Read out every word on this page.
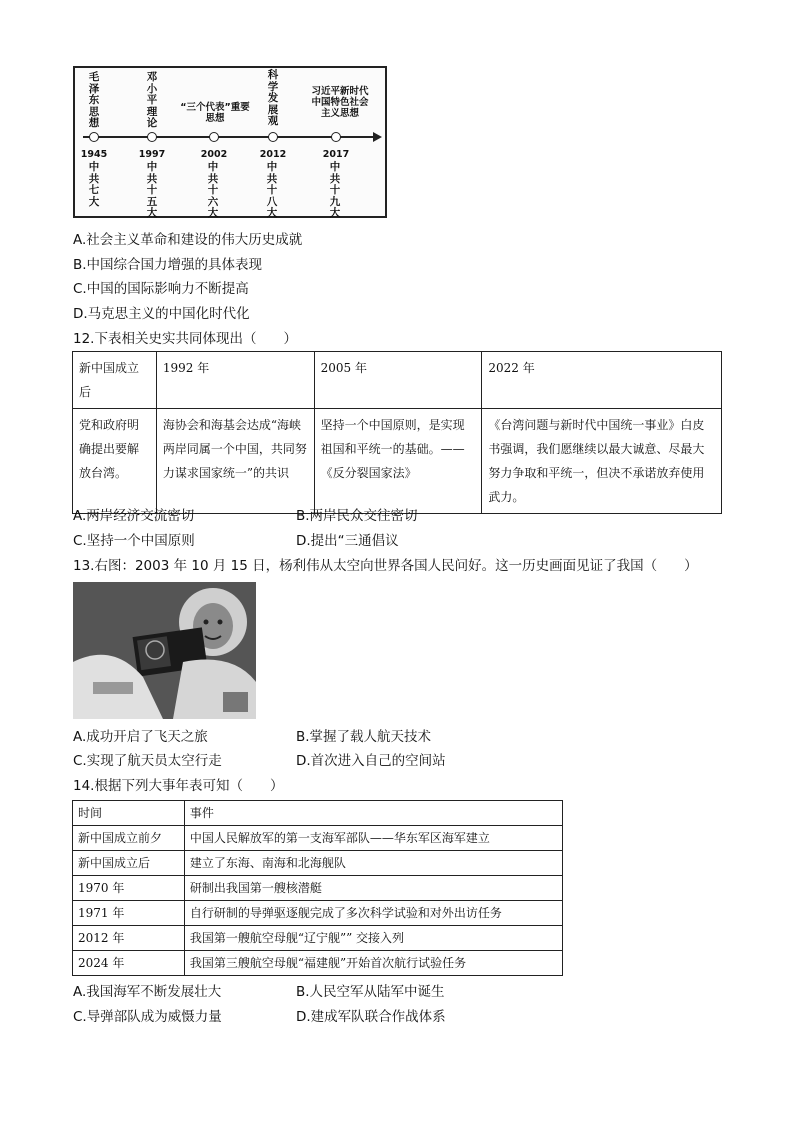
毛泽东思想
邓小平理论
“三个代表”重要思想
科学发展观
习近平新时代中国特色社会主义思想
1945	1997	2002	2012	2017
中共七大
中共十五大
中共十六大
中共十八大
中共十九大
A.社会主义革命和建设的伟大历史成就
B.中国综合国力增强的具体表现
C.中国的国际影响力不断提高
D.马克思主义的中国化时代化
12.下表相关史实共同体现出（　　）
新中国成立后	1992 年	2005 年	2022 年
党和政府明确提出要解放台湾。	海协会和海基会达成“海峡两岸同属一个中国，共同努力谋求国家统一”的共识	坚持一个中国原则，是实现祖国和平统一的基础。——《反分裂国家法》	《台湾问题与新时代中国统一事业》白皮书强调，我们愿继续以最大诚意、尽最大努力争取和平统一，但决不承诺放弃使用武力。
A.两岸经济交流密切	B.两岸民众交往密切
C.坚持一个中国原则	D.提出“三通倡议
13.右图：2003 年 10 月 15 日，杨利伟从太空向世界各国人民问好。这一历史画面见证了我国（　　）
A.成功开启了飞天之旅	B.掌握了载人航天技术
C.实现了航天员太空行走	D.首次进入自己的空间站
14.根据下列大事年表可知（　　）
时间	事件
新中国成立前夕	中国人民解放军的第一支海军部队——华东军区海军建立
新中国成立后	建立了东海、南海和北海舰队
1970 年	研制出我国第一艘核潜艇
1971 年	自行研制的导弹驱逐舰完成了多次科学试验和对外出访任务
2012 年	我国第一艘航空母舰“辽宁舰”” 交接入列
2024 年	我国第三艘航空母舰“福建舰”开始首次航行试验任务
A.我国海军不断发展壮大	B.人民空军从陆军中诞生
C.导弹部队成为威慑力量	D.建成军队联合作战体系
